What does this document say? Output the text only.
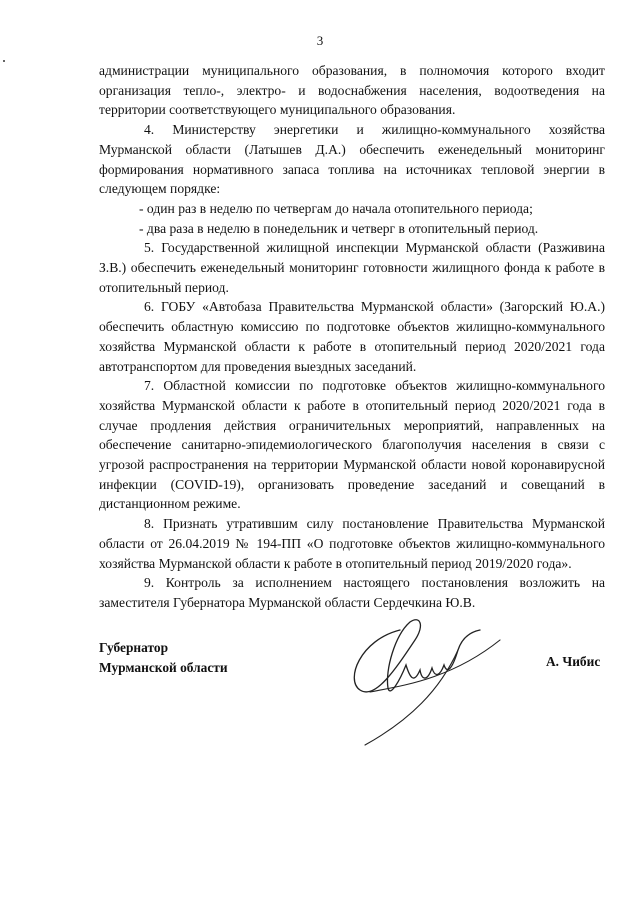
3

администрации муниципального образования, в полномочия которого входит организация тепло-, электро- и водоснабжения населения, водоотведения на территории соответствующего муниципального образования.

4. Министерству энергетики и жилищно-коммунального хозяйства Мурманской области (Латышев Д.А.) обеспечить еженедельный мониторинг формирования нормативного запаса топлива на источниках тепловой энергии в следующем порядке:

- один раз в неделю по четвергам до начала отопительного периода;

- два раза в неделю в понедельник и четверг в отопительный период.

5. Государственной жилищной инспекции Мурманской области (Разживина З.В.) обеспечить еженедельный мониторинг готовности жилищного фонда к работе в отопительный период.

6. ГОБУ «Автобаза Правительства Мурманской области» (Загорский Ю.А.) обеспечить областную комиссию по подготовке объектов жилищно-коммунального хозяйства Мурманской области к работе в отопительный период 2020/2021 года автотранспортом для проведения выездных заседаний.

7. Областной комиссии по подготовке объектов жилищно-коммунального хозяйства Мурманской области к работе в отопительный период 2020/2021 года в случае продления действия ограничительных мероприятий, направленных на обеспечение санитарно-эпидемиологического благополучия населения в связи с угрозой распространения на территории Мурманской области новой коронавирусной инфекции (COVID-19), организовать проведение заседаний и совещаний в дистанционном режиме.

8. Признать утратившим силу постановление Правительства Мурманской области от 26.04.2019 № 194-ПП «О подготовке объектов жилищно-коммунального хозяйства Мурманской области к работе в отопительный период 2019/2020 года».

9. Контроль за исполнением настоящего постановления возложить на заместителя Губернатора Мурманской области Сердечкина Ю.В.

Губернатор
Мурманской области	А. Чибис
